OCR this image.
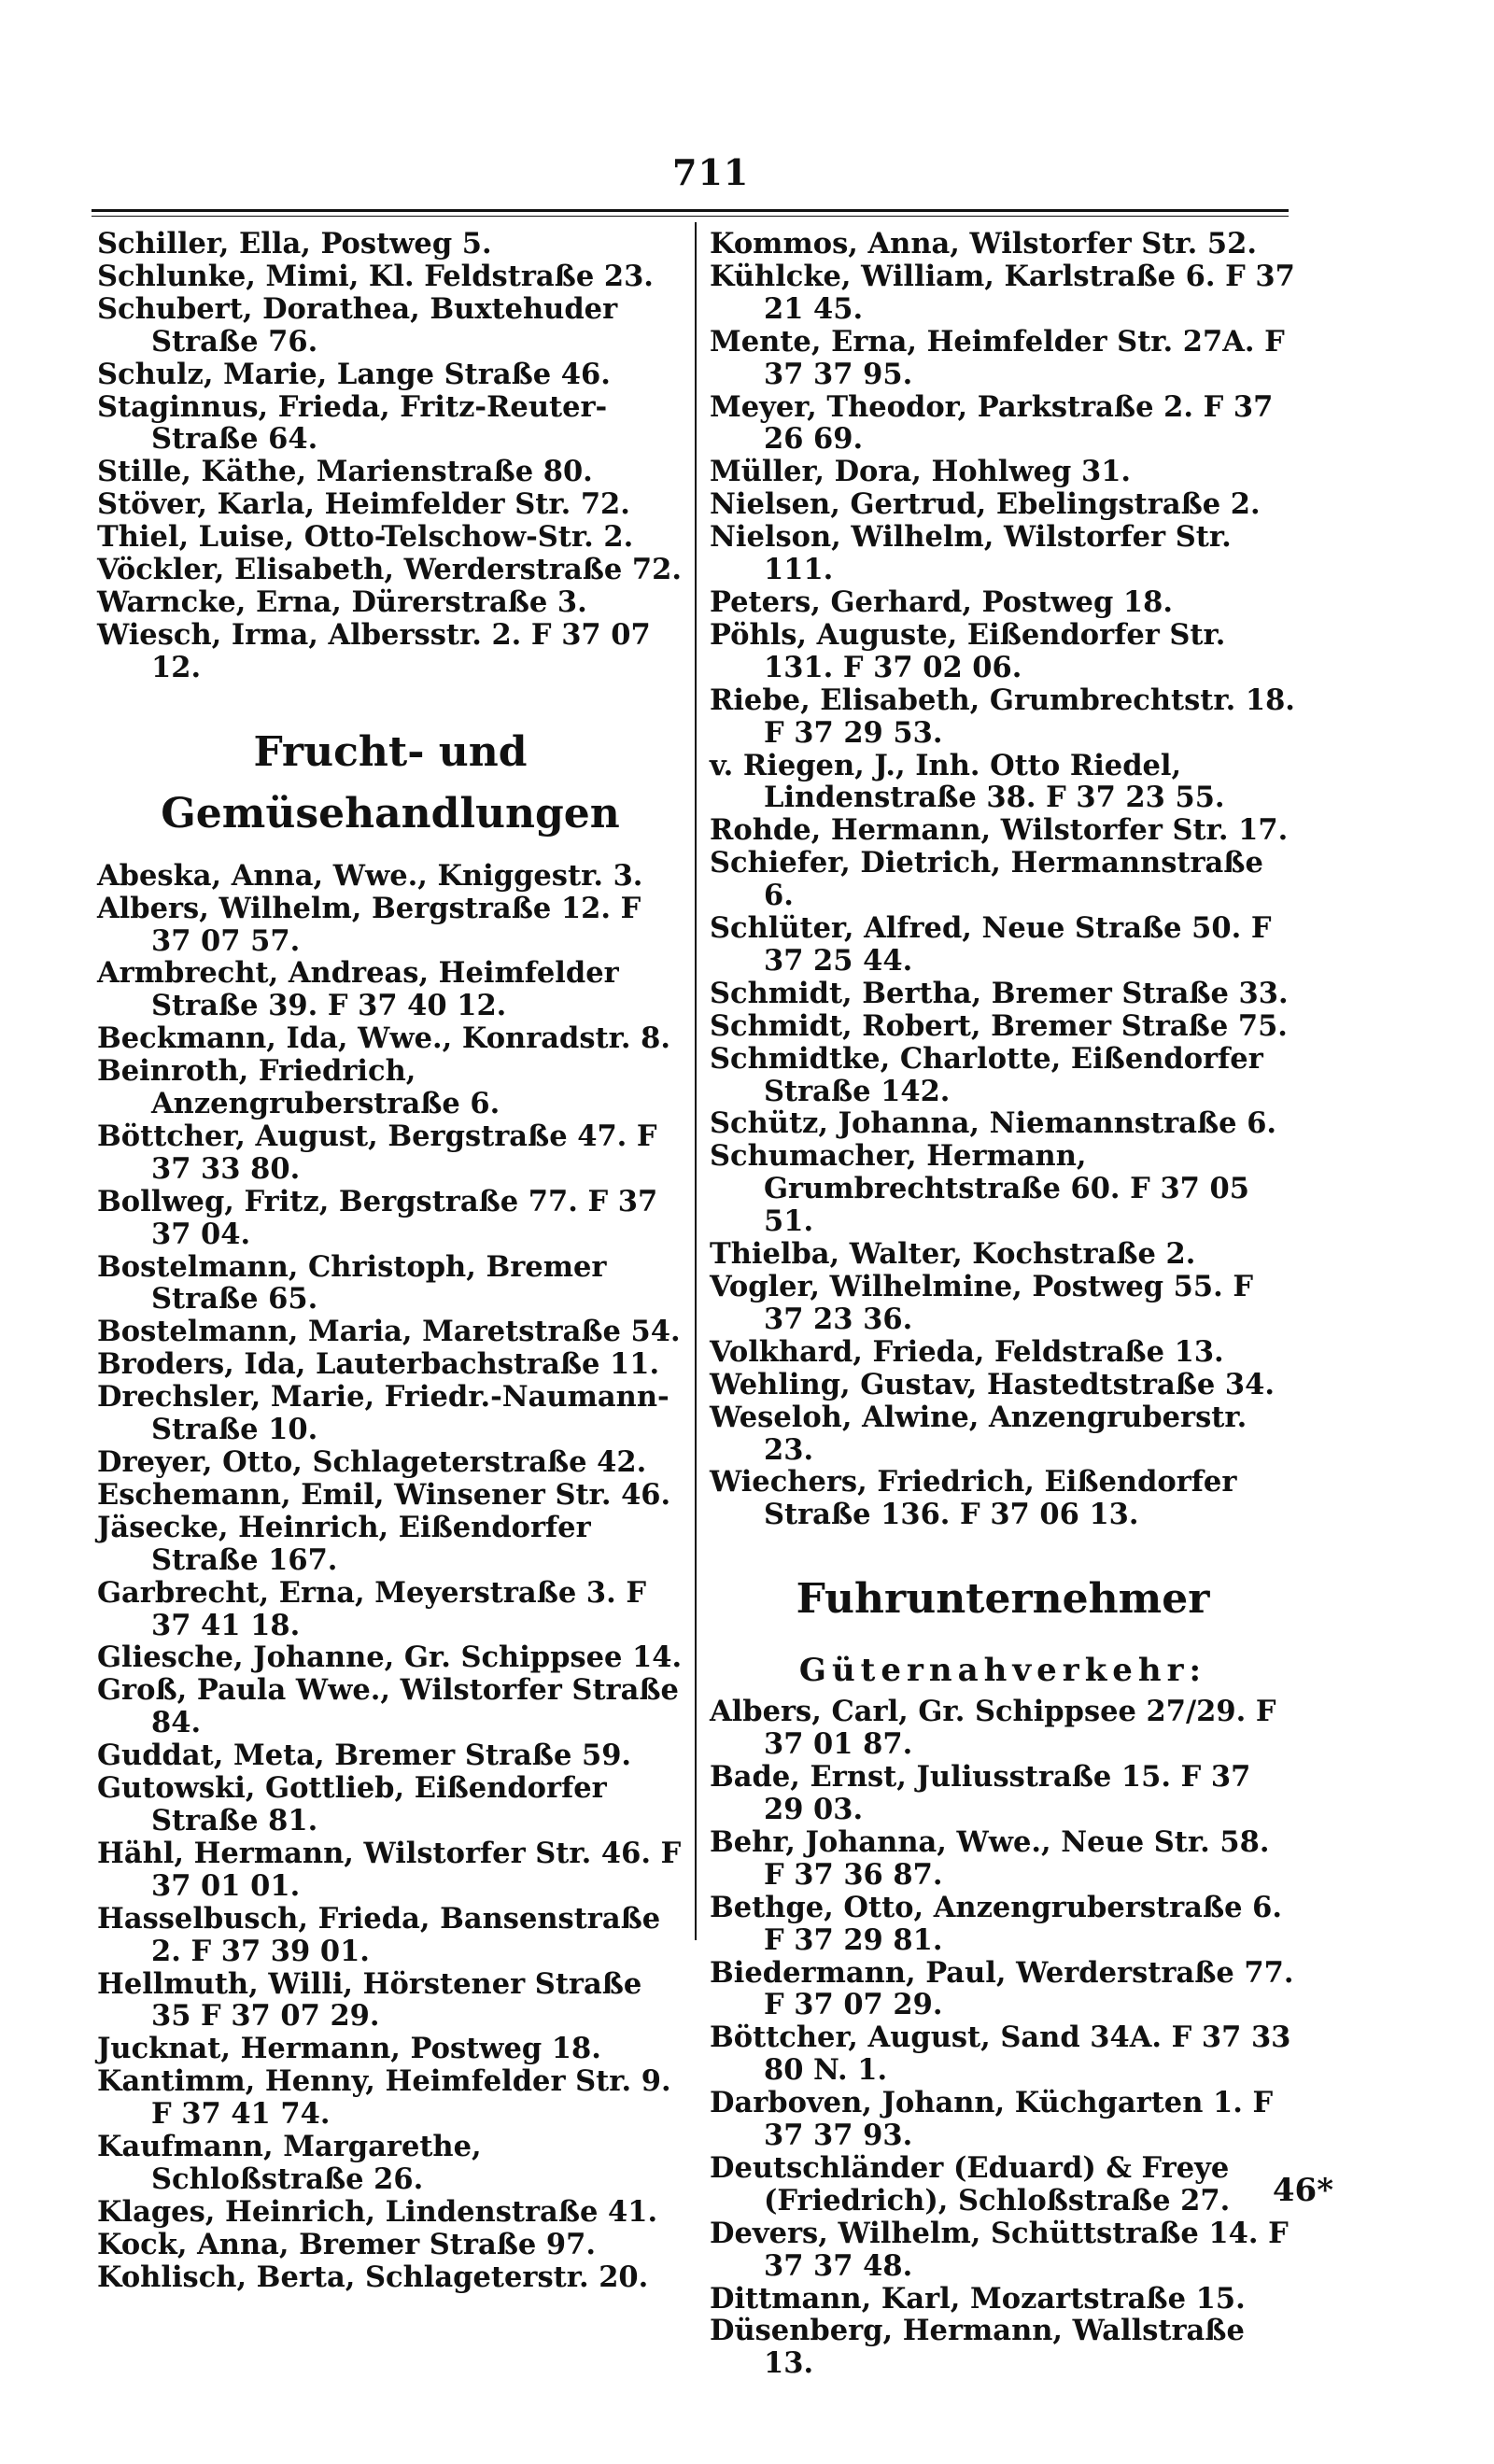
711
Schiller, Ella, Postweg 5.
Schlunke, Mimi, Kl. Feldstraße 23.
Schubert, Dorathea, Buxtehuder Straße 76.
Schulz, Marie, Lange Straße 46.
Staginnus, Frieda, Fritz-Reuter-Straße 64.
Stille, Käthe, Marienstraße 80.
Stöver, Karla, Heimfelder Str. 72.
Thiel, Luise, Otto-Telschow-Str. 2.
Vöckler, Elisabeth, Werderstraße 72.
Warncke, Erna, Dürerstraße 3.
Wiesch, Irma, Albersstr. 2. F 37 07 12.
Frucht- und Gemüsehandlungen
Abeska, Anna, Wwe., Kniggestr. 3.
Albers, Wilhelm, Bergstraße 12. F 37 07 57.
Armbrecht, Andreas, Heimfelder Straße 39. F 37 40 12.
Beckmann, Ida, Wwe., Konradstr. 8.
Beinroth, Friedrich, Anzengruberstraße 6.
Böttcher, August, Bergstraße 47. F 37 33 80.
Bollweg, Fritz, Bergstraße 77. F 37 37 04.
Bostelmann, Christoph, Bremer Straße 65.
Bostelmann, Maria, Maretstraße 54.
Broders, Ida, Lauterbachstraße 11.
Drechsler, Marie, Friedr.-Naumann-Straße 10.
Dreyer, Otto, Schlageterstraße 42.
Eschemann, Emil, Winsener Str. 46.
Jäsecke, Heinrich, Eißendorfer Straße 167.
Garbrecht, Erna, Meyerstraße 3. F 37 41 18.
Gliesche, Johanne, Gr. Schippsee 14.
Groß, Paula Wwe., Wilstorfer Straße 84.
Guddat, Meta, Bremer Straße 59.
Gutowski, Gottlieb, Eißendorfer Straße 81.
Hähl, Hermann, Wilstorfer Str. 46. F 37 01 01.
Hasselbusch, Frieda, Bansenstraße 2. F 37 39 01.
Hellmuth, Willi, Hörstener Straße 35 F 37 07 29.
Jucknat, Hermann, Postweg 18.
Kantimm, Henny, Heimfelder Str. 9. F 37 41 74.
Kaufmann, Margarethe, Schloßstraße 26.
Klages, Heinrich, Lindenstraße 41.
Kock, Anna, Bremer Straße 97.
Kohlisch, Berta, Schlageterstr. 20.
Kommos, Anna, Wilstorfer Str. 52.
Kühlcke, William, Karlstraße 6. F 37 21 45.
Mente, Erna, Heimfelder Str. 27A. F 37 37 95.
Meyer, Theodor, Parkstraße 2. F 37 26 69.
Müller, Dora, Hohlweg 31.
Nielsen, Gertrud, Ebelingstraße 2.
Nielson, Wilhelm, Wilstorfer Str. 111.
Peters, Gerhard, Postweg 18.
Pöhls, Auguste, Eißendorfer Str. 131. F 37 02 06.
Riebe, Elisabeth, Grumbrechtstr. 18. F 37 29 53.
v. Riegen, J., Inh. Otto Riedel, Lindenstraße 38. F 37 23 55.
Rohde, Hermann, Wilstorfer Str. 17.
Schiefer, Dietrich, Hermannstraße 6.
Schlüter, Alfred, Neue Straße 50. F 37 25 44.
Schmidt, Bertha, Bremer Straße 33.
Schmidt, Robert, Bremer Straße 75.
Schmidtke, Charlotte, Eißendorfer Straße 142.
Schütz, Johanna, Niemannstraße 6.
Schumacher, Hermann, Grumbrechtstraße 60. F 37 05 51.
Thielba, Walter, Kochstraße 2.
Vogler, Wilhelmine, Postweg 55. F 37 23 36.
Volkhard, Frieda, Feldstraße 13.
Wehling, Gustav, Hastedtstraße 34.
Weseloh, Alwine, Anzengruberstr. 23.
Wiechers, Friedrich, Eißendorfer Straße 136. F 37 06 13.
Fuhrunternehmer
Güternahverkehr:
Albers, Carl, Gr. Schippsee 27/29. F 37 01 87.
Bade, Ernst, Juliusstraße 15. F 37 29 03.
Behr, Johanna, Wwe., Neue Str. 58. F 37 36 87.
Bethge, Otto, Anzengruberstraße 6. F 37 29 81.
Biedermann, Paul, Werderstraße 77. F 37 07 29.
Böttcher, August, Sand 34A. F 37 33 80 N. 1.
Darboven, Johann, Küchgarten 1. F 37 37 93.
Deutschländer (Eduard) & Freye (Friedrich), Schloßstraße 27.
Devers, Wilhelm, Schüttstraße 14. F 37 37 48.
Dittmann, Karl, Mozartstraße 15.
Düsenberg, Hermann, Wallstraße 13.
46*
